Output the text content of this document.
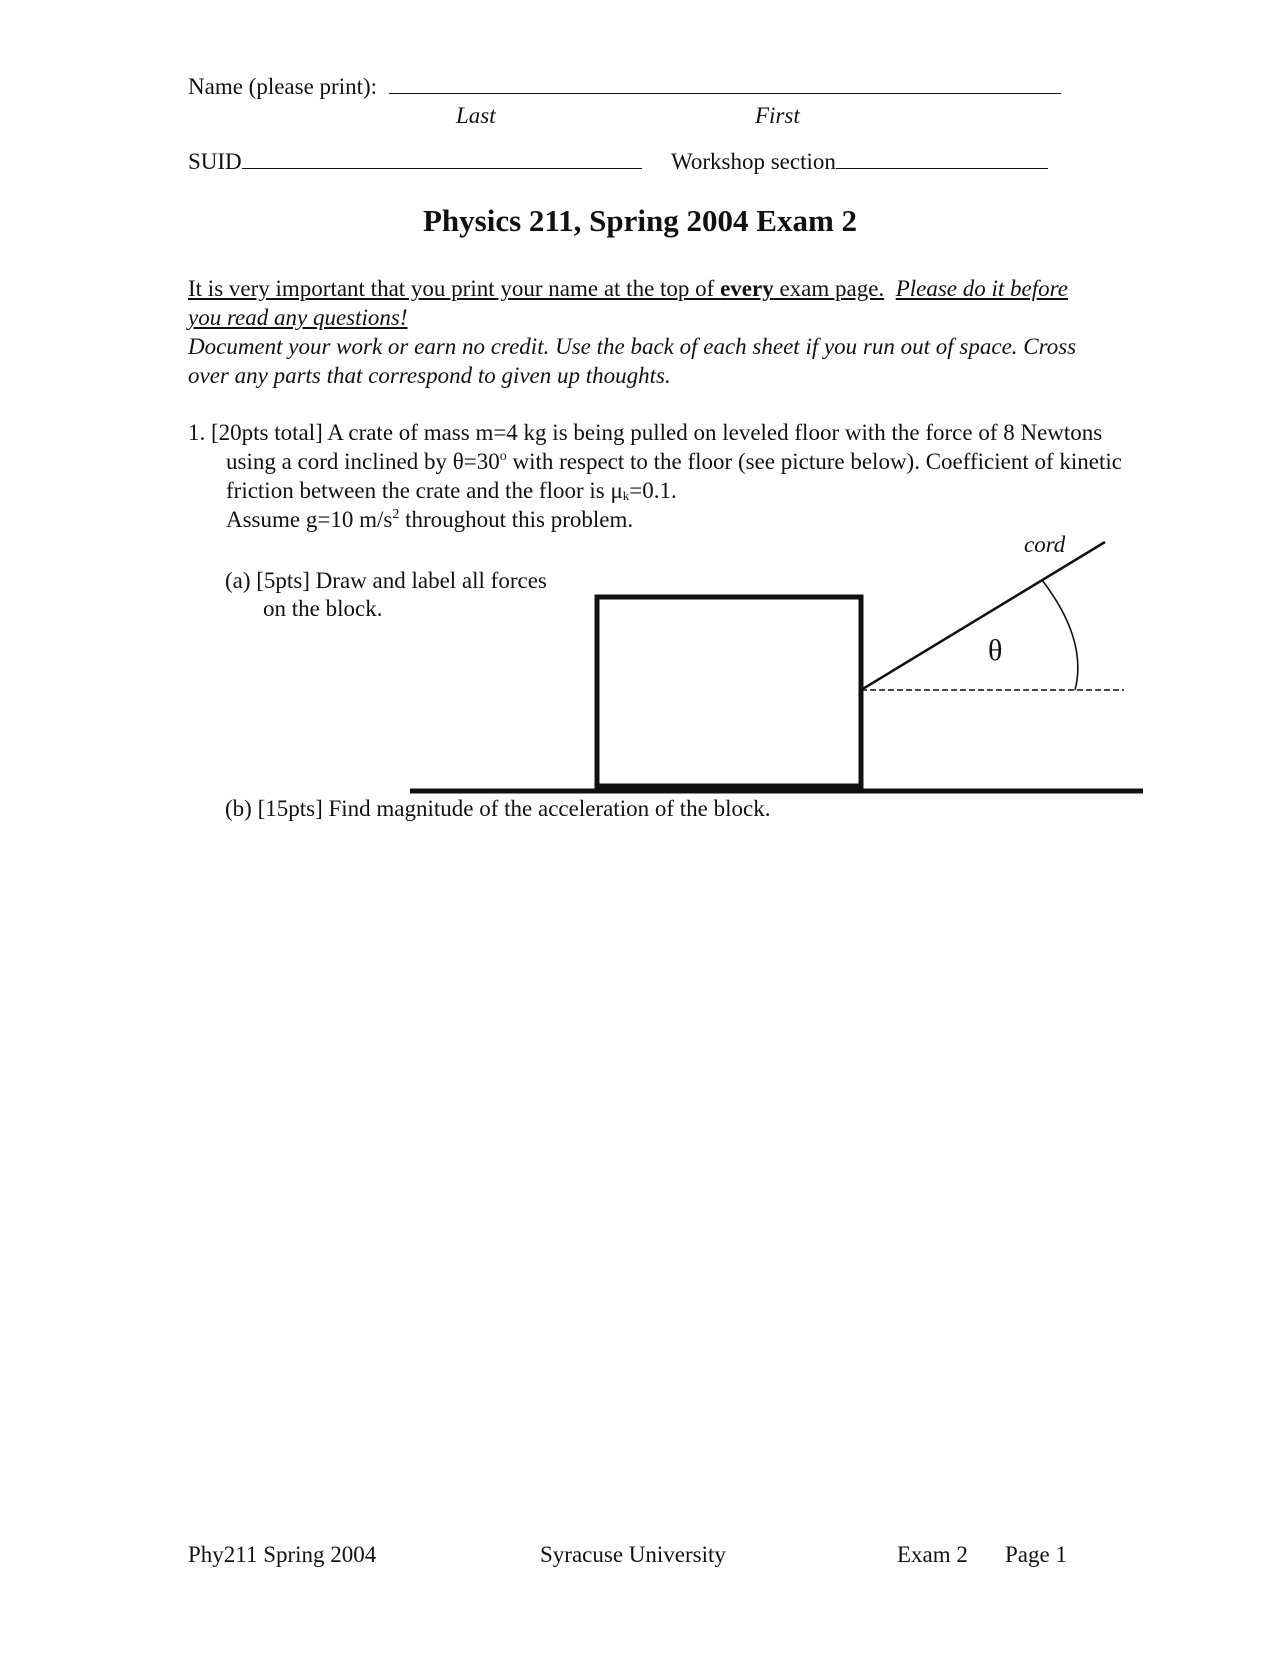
Name (please print):
Last	First
SUID	Workshop section
Physics 211, Spring 2004 Exam 2
It is very important that you print your name at the top of every exam page. Please do it before you read any questions!
Document your work or earn no credit. Use the back of each sheet if you run out of space. Cross over any parts that correspond to given up thoughts.
1. [20pts total] A crate of mass m=4 kg is being pulled on leveled floor with the force of 8 Newtons using a cord inclined by $\theta=30^o$ with respect to the floor (see picture below). Coefficient of kinetic friction between the crate and the floor is $\mu_k=0.1$.
Assume g=10 $m/s^2$ throughout this problem.
(a) [5pts] Draw and label all forces
on the block.
cord
θ
(b) [15pts] Find magnitude of the acceleration of the block.
Phy211 Spring 2004	Syracuse University	Exam 2 Page 1
